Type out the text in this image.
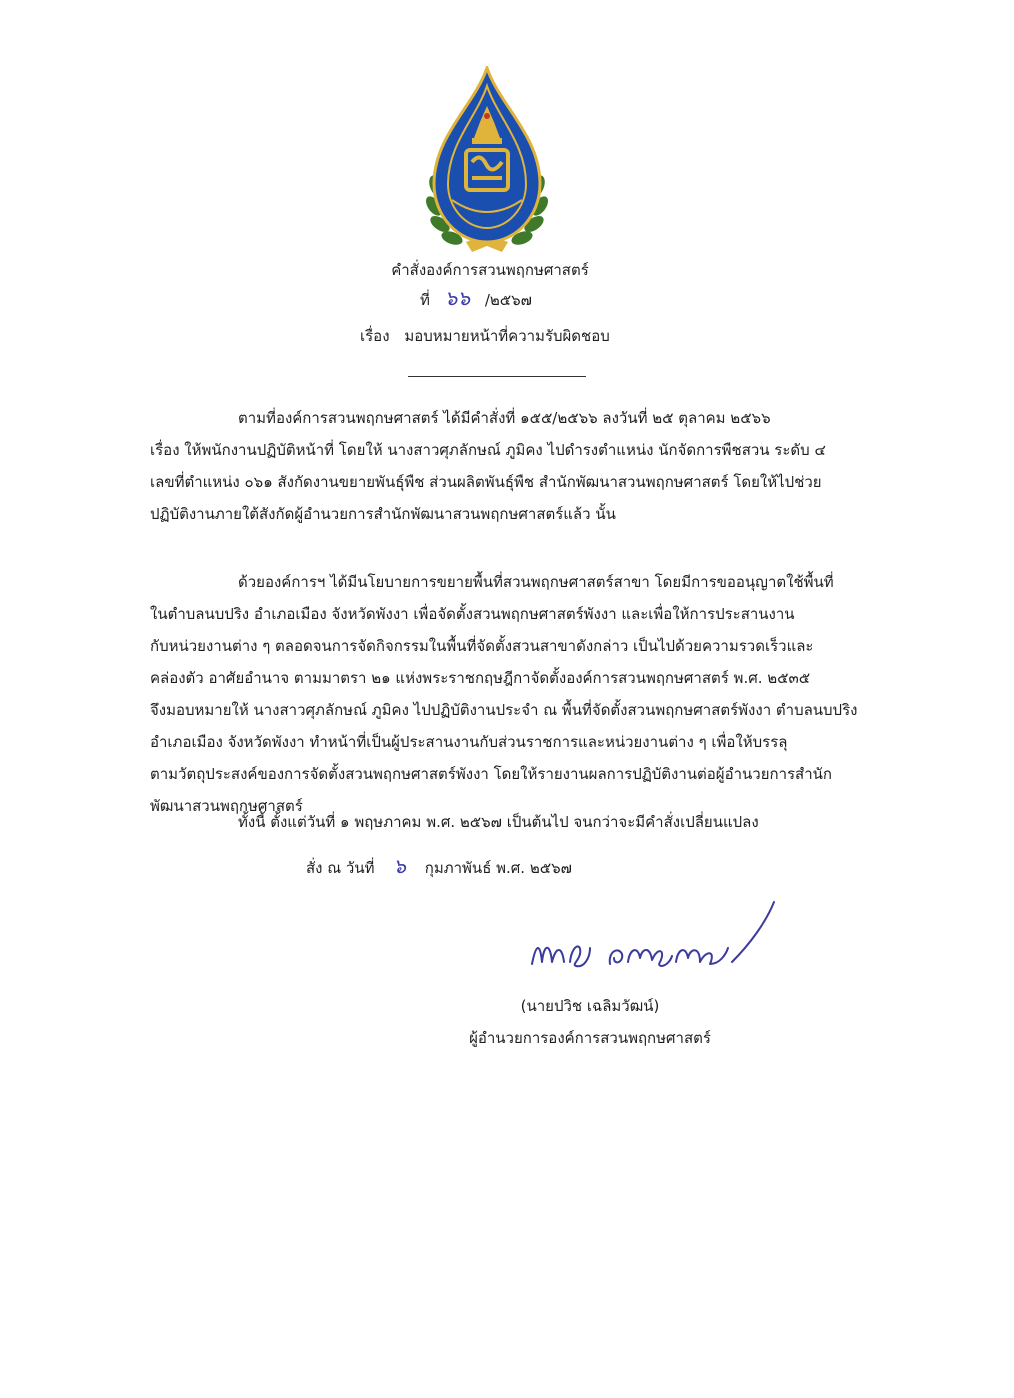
คำสั่งองค์การสวนพฤกษศาสตร์
ที่ ๖๖ /๒๕๖๗
เรื่อง มอบหมายหน้าที่ความรับผิดชอบ
ตามที่องค์การสวนพฤกษศาสตร์ ได้มีคำสั่งที่ ๑๕๕/๒๕๖๖ ลงวันที่ ๒๕ ตุลาคม ๒๕๖๖
เรื่อง ให้พนักงานปฏิบัติหน้าที่ โดยให้ นางสาวศุภลักษณ์ ภูมิคง ไปดำรงตำแหน่ง นักจัดการพืชสวน ระดับ ๔
เลขที่ตำแหน่ง ๐๖๑ สังกัดงานขยายพันธุ์พืช ส่วนผลิตพันธุ์พืช สำนักพัฒนาสวนพฤกษศาสตร์ โดยให้ไปช่วย
ปฏิบัติงานภายใต้สังกัดผู้อำนวยการสำนักพัฒนาสวนพฤกษศาสตร์แล้ว นั้น
ด้วยองค์การฯ ได้มีนโยบายการขยายพื้นที่สวนพฤกษศาสตร์สาขา โดยมีการขออนุญาตใช้พื้นที่
ในตำบลนบปริง อำเภอเมือง จังหวัดพังงา เพื่อจัดตั้งสวนพฤกษศาสตร์พังงา และเพื่อให้การประสานงาน
กับหน่วยงานต่าง ๆ ตลอดจนการจัดกิจกรรมในพื้นที่จัดตั้งสวนสาขาดังกล่าว เป็นไปด้วยความรวดเร็วและ
คล่องตัว อาศัยอำนาจ ตามมาตรา ๒๑ แห่งพระราชกฤษฎีกาจัดตั้งองค์การสวนพฤกษศาสตร์ พ.ศ. ๒๕๓๕
จึงมอบหมายให้ นางสาวศุภลักษณ์ ภูมิคง ไปปฏิบัติงานประจำ ณ พื้นที่จัดตั้งสวนพฤกษศาสตร์พังงา ตำบลนบปริง
อำเภอเมือง จังหวัดพังงา ทำหน้าที่เป็นผู้ประสานงานกับส่วนราชการและหน่วยงานต่าง ๆ เพื่อให้บรรลุ
ตามวัตถุประสงค์ของการจัดตั้งสวนพฤกษศาสตร์พังงา โดยให้รายงานผลการปฏิบัติงานต่อผู้อำนวยการสำนัก
พัฒนาสวนพฤกษศาสตร์
ทั้งนี้ ตั้งแต่วันที่ ๑ พฤษภาคม พ.ศ. ๒๕๖๗ เป็นต้นไป จนกว่าจะมีคำสั่งเปลี่ยนแปลง
สั่ง ณ วันที่ ๖ กุมภาพันธ์ พ.ศ. ๒๕๖๗
(นายปวิช เฉลิมวัฒน์)
ผู้อำนวยการองค์การสวนพฤกษศาสตร์
